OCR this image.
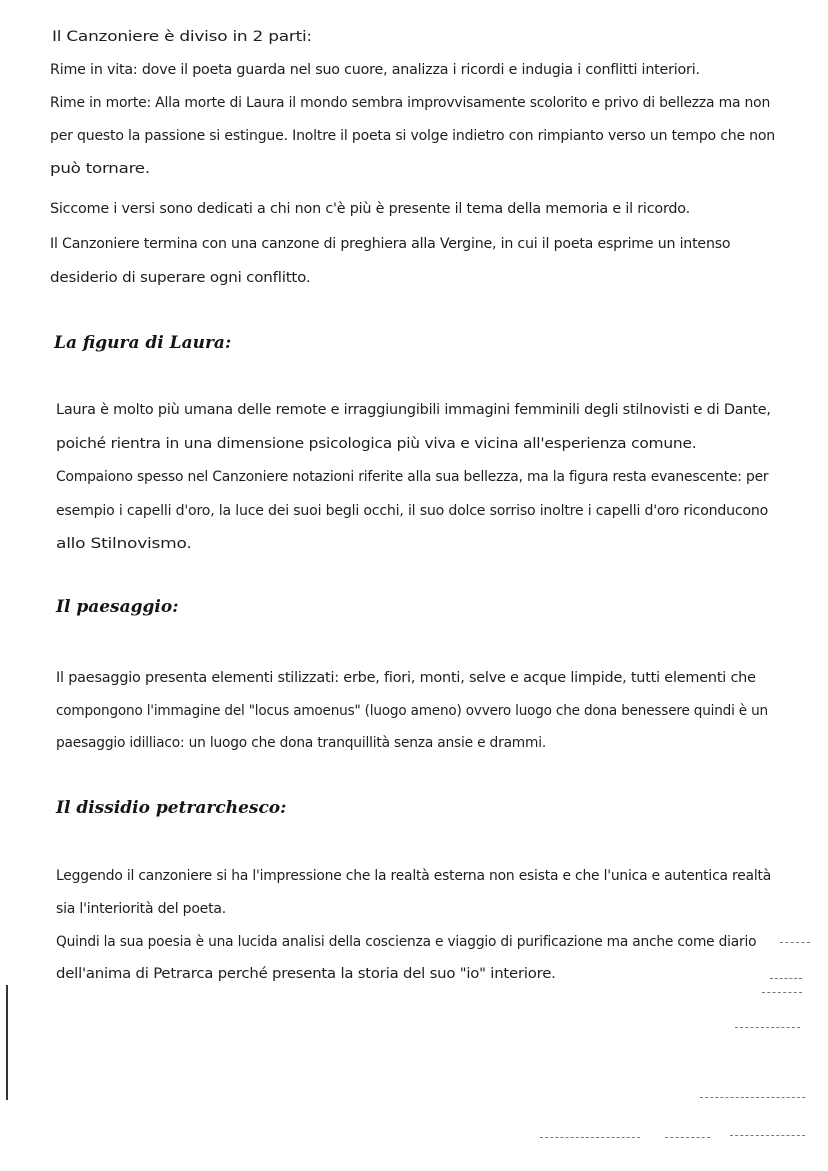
Il Canzoniere è diviso in 2 parti:
Rime in vita: dove il poeta guarda nel suo cuore, analizza i ricordi e indugia i conflitti interiori.
Rime in morte: Alla morte di Laura il mondo sembra improvvisamente scolorito e privo di bellezza ma non
per questo la passione si estingue. Inoltre il poeta si volge indietro con rimpianto verso un tempo che non
può tornare.
Siccome i versi sono dedicati a chi non c'è più è presente il tema della memoria e il ricordo.
Il Canzoniere termina con una canzone di preghiera alla Vergine, in cui il poeta esprime un intenso
desiderio di superare ogni conflitto.
La figura di Laura:
Laura è molto più umana delle remote e irraggiungibili immagini femminili degli stilnovisti e di Dante,
poiché rientra in una dimensione psicologica più viva e vicina all'esperienza comune.
Compaiono spesso nel Canzoniere notazioni riferite alla sua bellezza, ma la figura resta evanescente: per
esempio i capelli d'oro, la luce dei suoi begli occhi, il suo dolce sorriso inoltre i capelli d'oro riconducono
allo Stilnovismo.
Il paesaggio:
Il paesaggio presenta elementi stilizzati: erbe, fiori, monti, selve e acque limpide, tutti elementi che
compongono l'immagine del "locus amoenus" (luogo ameno) ovvero luogo che dona benessere quindi è un
paesaggio idilliaco: un luogo che dona tranquillità senza ansie e drammi.
Il dissidio petrarchesco:
Leggendo il canzoniere si ha l'impressione che la realtà esterna non esista e che l'unica e autentica realtà
sia l'interiorità del poeta.
Quindi la sua poesia è una lucida analisi della coscienza e viaggio di purificazione ma anche come diario
dell'anima di Petrarca perché presenta la storia del suo "io" interiore.
